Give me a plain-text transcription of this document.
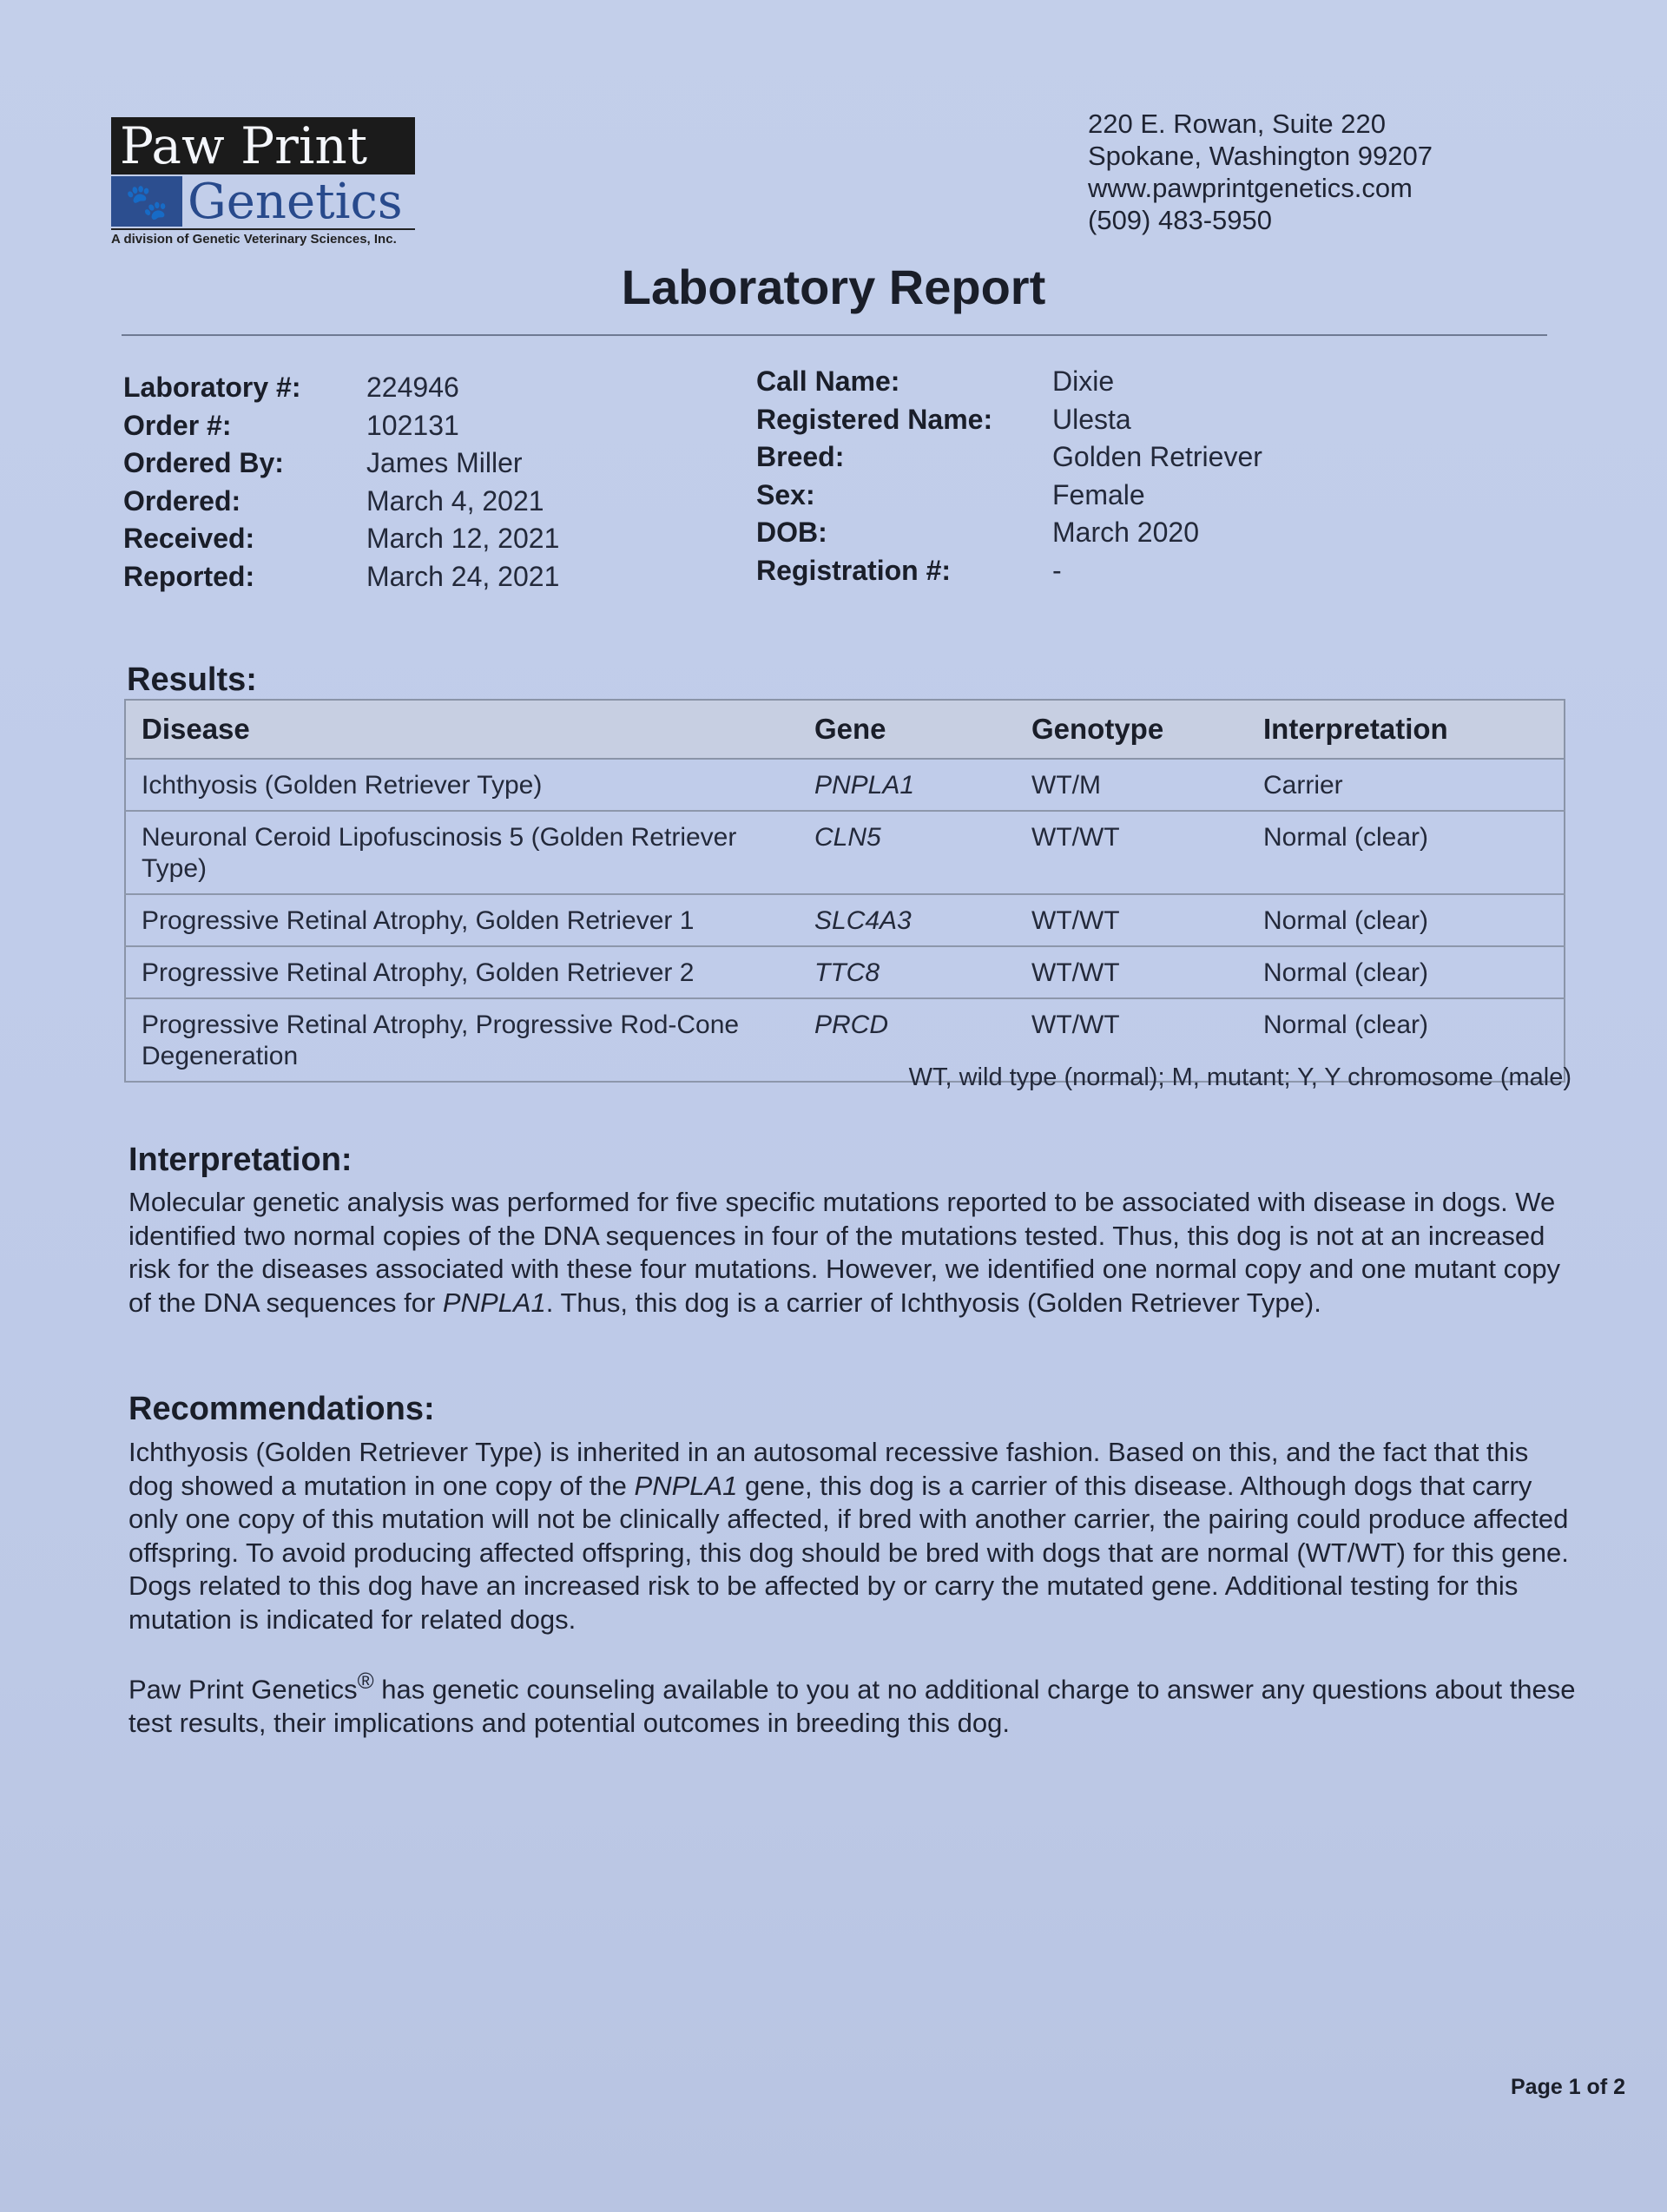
Paw Print
🐾 Genetics
A division of Genetic Veterinary Sciences, Inc.
220 E. Rowan, Suite 220
Spokane, Washington 99207
www.pawprintgenetics.com
(509) 483-5950
Laboratory Report
Laboratory #:	224946
Order #:	102131
Ordered By:	James Miller
Ordered:	March 4, 2021
Received:	March 12, 2021
Reported:	March 24, 2021
Call Name:	Dixie
Registered Name:	Ulesta
Breed:	Golden Retriever
Sex:	Female
DOB:	March 2020
Registration #:	-
Results:
Disease	Gene	Genotype	Interpretation
Ichthyosis (Golden Retriever Type)	PNPLA1	WT/M	Carrier
Neuronal Ceroid Lipofuscinosis 5 (Golden Retriever Type)	CLN5	WT/WT	Normal (clear)
Progressive Retinal Atrophy, Golden Retriever 1	SLC4A3	WT/WT	Normal (clear)
Progressive Retinal Atrophy, Golden Retriever 2	TTC8	WT/WT	Normal (clear)
Progressive Retinal Atrophy, Progressive Rod-Cone Degeneration	PRCD	WT/WT	Normal (clear)
WT, wild type (normal); M, mutant; Y, Y chromosome (male)
Interpretation:
Molecular genetic analysis was performed for five specific mutations reported to be associated with disease in dogs. We identified two normal copies of the DNA sequences in four of the mutations tested. Thus, this dog is not at an increased risk for the diseases associated with these four mutations. However, we identified one normal copy and one mutant copy of the DNA sequences for PNPLA1. Thus, this dog is a carrier of Ichthyosis (Golden Retriever Type).
Recommendations:
Ichthyosis (Golden Retriever Type) is inherited in an autosomal recessive fashion. Based on this, and the fact that this dog showed a mutation in one copy of the PNPLA1 gene, this dog is a carrier of this disease. Although dogs that carry only one copy of this mutation will not be clinically affected, if bred with another carrier, the pairing could produce affected offspring. To avoid producing affected offspring, this dog should be bred with dogs that are normal (WT/WT) for this gene. Dogs related to this dog have an increased risk to be affected by or carry the mutated gene. Additional testing for this mutation is indicated for related dogs.
Paw Print Genetics® has genetic counseling available to you at no additional charge to answer any questions about these test results, their implications and potential outcomes in breeding this dog.
Page 1 of 2
